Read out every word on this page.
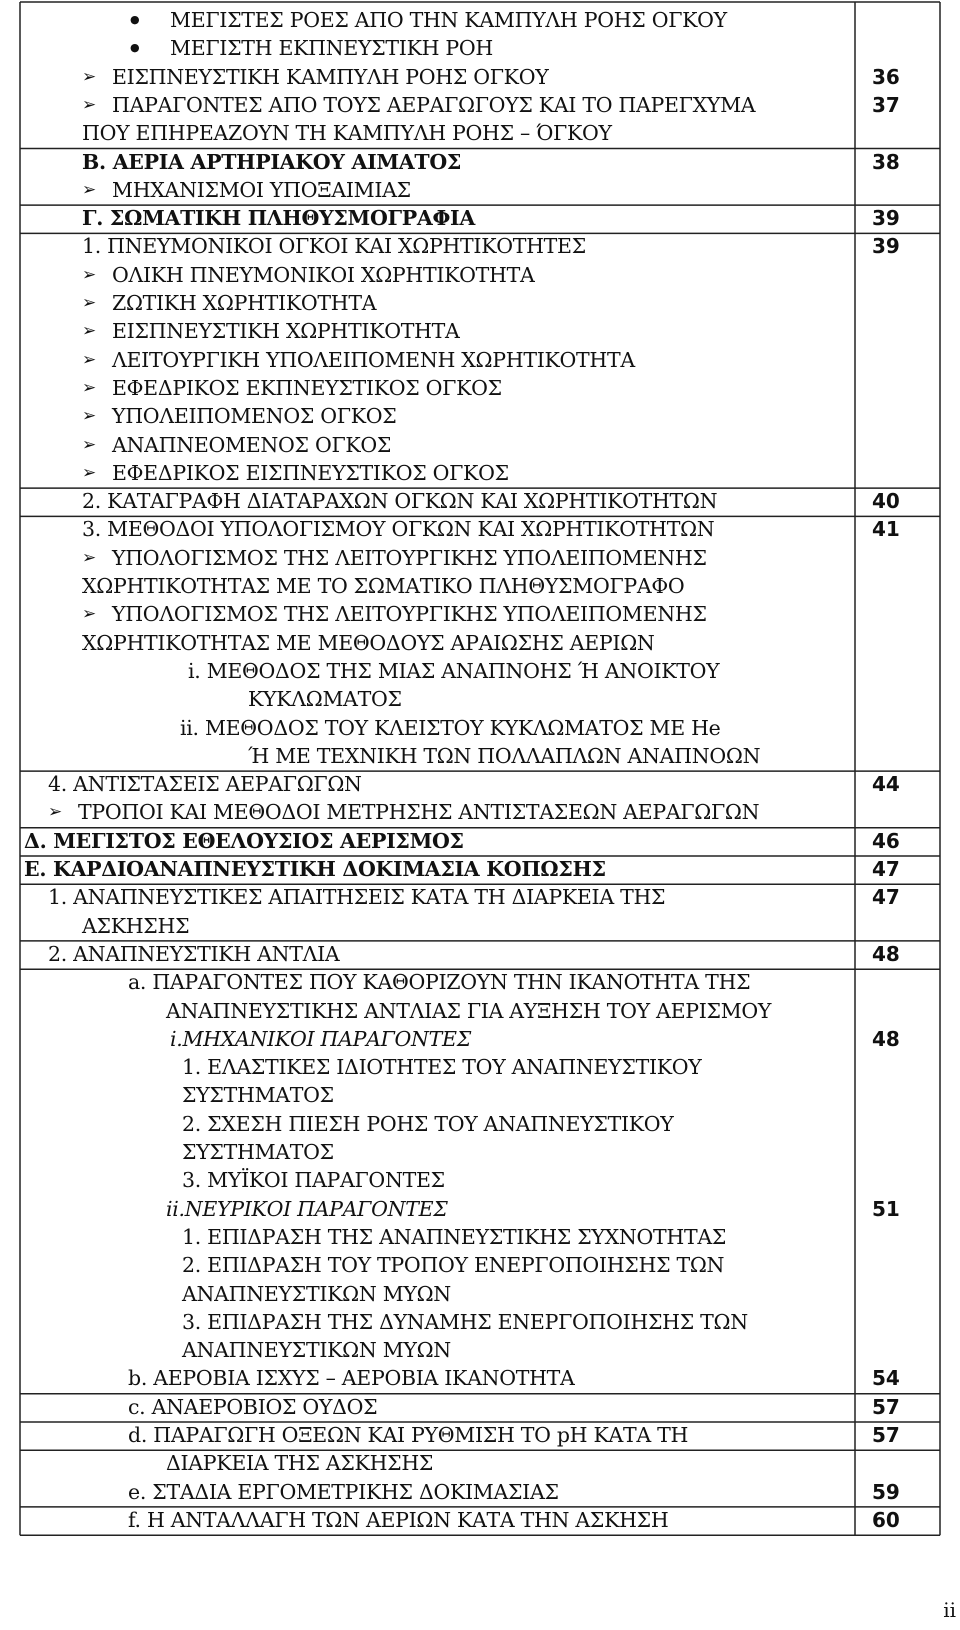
● ΜΕΓΙΣΤΕΣ ΡΟΕΣ ΑΠΟ ΤΗΝ ΚΑΜΠΥΛΗ ΡΟΗΣ ΟΓΚΟΥ
● ΜΕΓΙΣΤΗ ΕΚΠΝΕΥΣΤΙΚΗ ΡΟΗ
➢ ΕΙΣΠΝΕΥΣΤΙΚΗ ΚΑΜΠΥΛΗ ΡΟΗΣ ΟΓΚΟΥ	36
➢ ΠΑΡΑΓΟΝΤΕΣ ΑΠΟ ΤΟΥΣ ΑΕΡΑΓΩΓΟΥΣ ΚΑΙ ΤΟ ΠΑΡΕΓΧΥΜΑ	37
ΠΟΥ ΕΠΗΡΕΑΖΟΥΝ ΤΗ ΚΑΜΠΥΛΗ ΡΟΗΣ – ΌΓΚΟΥ
Β. ΑΕΡΙΑ ΑΡΤΗΡΙΑΚΟΥ ΑΙΜΑΤΟΣ	38
➢ ΜΗΧΑΝΙΣΜΟΙ ΥΠΟΞΑΙΜΙΑΣ
Γ. ΣΩΜΑΤΙΚΗ ΠΛΗΘΥΣΜΟΓΡΑΦΙΑ	39
1. ΠΝΕΥΜΟΝΙΚΟΙ ΟΓΚΟΙ ΚΑΙ ΧΩΡΗΤΙΚΟΤΗΤΕΣ	39
➢ ΟΛΙΚΗ ΠΝΕΥΜΟΝΙΚΟΙ ΧΩΡΗΤΙΚΟΤΗΤΑ
➢ ΖΩΤΙΚΗ ΧΩΡΗΤΙΚΟΤΗΤΑ
➢ ΕΙΣΠΝΕΥΣΤΙΚΗ ΧΩΡΗΤΙΚΟΤΗΤΑ
➢ ΛΕΙΤΟΥΡΓΙΚΗ ΥΠΟΛΕΙΠΟΜΕΝΗ ΧΩΡΗΤΙΚΟΤΗΤΑ
➢ ΕΦΕΔΡΙΚΟΣ ΕΚΠΝΕΥΣΤΙΚΟΣ ΟΓΚΟΣ
➢ ΥΠΟΛΕΙΠΟΜΕΝΟΣ ΟΓΚΟΣ
➢ ΑΝΑΠΝΕΟΜΕΝΟΣ ΟΓΚΟΣ
➢ ΕΦΕΔΡΙΚΟΣ ΕΙΣΠΝΕΥΣΤΙΚΟΣ ΟΓΚΟΣ
2. ΚΑΤΑΓΡΑΦΗ ΔΙΑΤΑΡΑΧΩΝ ΟΓΚΩΝ ΚΑΙ ΧΩΡΗΤΙΚΟΤΗΤΩΝ	40
3. ΜΕΘΟΔΟΙ ΥΠΟΛΟΓΙΣΜΟΥ ΟΓΚΩΝ ΚΑΙ ΧΩΡΗΤΙΚΟΤΗΤΩΝ	41
➢ ΥΠΟΛΟΓΙΣΜΟΣ ΤΗΣ ΛΕΙΤΟΥΡΓΙΚΗΣ ΥΠΟΛΕΙΠΟΜΕΝΗΣ
ΧΩΡΗΤΙΚΟΤΗΤΑΣ ΜΕ ΤΟ ΣΩΜΑΤΙΚΟ ΠΛΗΘΥΣΜΟΓΡΑΦΟ
➢ ΥΠΟΛΟΓΙΣΜΟΣ ΤΗΣ ΛΕΙΤΟΥΡΓΙΚΗΣ ΥΠΟΛΕΙΠΟΜΕΝΗΣ
ΧΩΡΗΤΙΚΟΤΗΤΑΣ ΜΕ ΜΕΘΟΔΟΥΣ ΑΡΑΙΩΣΗΣ ΑΕΡΙΩΝ
i. ΜΕΘΟΔΟΣ ΤΗΣ ΜΙΑΣ ΑΝΑΠΝΟΗΣ Ή ΑΝΟΙΚΤΟΥ
ΚΥΚΛΩΜΑΤΟΣ
ii. ΜΕΘΟΔΟΣ ΤΟΥ ΚΛΕΙΣΤΟΥ ΚΥΚΛΩΜΑΤΟΣ ΜΕ He
Ή ΜΕ ΤΕΧΝΙΚΗ ΤΩΝ ΠΟΛΛΑΠΛΩΝ ΑΝΑΠΝΟΩΝ
4. ΑΝΤΙΣΤΑΣΕΙΣ ΑΕΡΑΓΩΓΩΝ	44
➢ ΤΡΟΠΟΙ ΚΑΙ ΜΕΘΟΔΟΙ ΜΕΤΡΗΣΗΣ ΑΝΤΙΣΤΑΣΕΩΝ ΑΕΡΑΓΩΓΩΝ
Δ. ΜΕΓΙΣΤΟΣ ΕΘΕΛΟΥΣΙΟΣ ΑΕΡΙΣΜΟΣ	46
Ε. ΚΑΡΔΙΟΑΝΑΠΝΕΥΣΤΙΚΗ ΔΟΚΙΜΑΣΙΑ ΚΟΠΩΣΗΣ	47
1. ΑΝΑΠΝΕΥΣΤΙΚΕΣ ΑΠΑΙΤΗΣΕΙΣ ΚΑΤΑ ΤΗ ΔΙΑΡΚΕΙΑ ΤΗΣ	47
ΑΣΚΗΣΗΣ
2. ΑΝΑΠΝΕΥΣΤΙΚΗ ΑΝΤΛΙΑ	48
a. ΠΑΡΑΓΟΝΤΕΣ ΠΟΥ ΚΑΘΟΡΙΖΟΥΝ ΤΗΝ ΙΚΑΝΟΤΗΤΑ ΤΗΣ
ΑΝΑΠΝΕΥΣΤΙΚΗΣ ΑΝΤΛΙΑΣ ΓΙΑ ΑΥΞΗΣΗ ΤΟΥ ΑΕΡΙΣΜΟΥ
i.ΜΗΧΑΝΙΚΟΙ ΠΑΡΑΓΟΝΤΕΣ	48
1. ΕΛΑΣΤΙΚΕΣ ΙΔΙΟΤΗΤΕΣ ΤΟΥ ΑΝΑΠΝΕΥΣΤΙΚΟΥ
ΣΥΣΤΗΜΑΤΟΣ
2. ΣΧΕΣΗ ΠΙΕΣΗ ΡΟΗΣ ΤΟΥ ΑΝΑΠΝΕΥΣΤΙΚΟΥ
ΣΥΣΤΗΜΑΤΟΣ
3. ΜΥΪΚΟΙ ΠΑΡΑΓΟΝΤΕΣ
ii.ΝΕΥΡΙΚΟΙ ΠΑΡΑΓΟΝΤΕΣ	51
1. ΕΠΙΔΡΑΣΗ ΤΗΣ ΑΝΑΠΝΕΥΣΤΙΚΗΣ ΣΥΧΝΟΤΗΤΑΣ
2. ΕΠΙΔΡΑΣΗ ΤΟΥ ΤΡΟΠΟΥ ΕΝΕΡΓΟΠΟΙΗΣΗΣ ΤΩΝ
ΑΝΑΠΝΕΥΣΤΙΚΩΝ ΜΥΩΝ
3. ΕΠΙΔΡΑΣΗ ΤΗΣ ΔΥΝΑΜΗΣ ΕΝΕΡΓΟΠΟΙΗΣΗΣ ΤΩΝ
ΑΝΑΠΝΕΥΣΤΙΚΩΝ ΜΥΩΝ
b. ΑΕΡΟΒΙΑ ΙΣΧΥΣ – ΑΕΡΟΒΙΑ ΙΚΑΝΟΤΗΤΑ	54
c. ΑΝΑΕΡΟΒΙΟΣ ΟΥΔΟΣ	57
d. ΠΑΡΑΓΩΓΗ ΟΞΕΩΝ ΚΑΙ ΡΥΘΜΙΣΗ ΤΟ pH ΚΑΤΑ ΤΗ	57
ΔΙΑΡΚΕΙΑ ΤΗΣ ΑΣΚΗΣΗΣ
e. ΣΤΑΔΙΑ ΕΡΓΟΜΕΤΡΙΚΗΣ ΔΟΚΙΜΑΣΙΑΣ	59
f. Η ΑΝΤΑΛΛΑΓΗ ΤΩΝ ΑΕΡΙΩΝ ΚΑΤΑ ΤΗΝ ΑΣΚΗΣΗ	60
ii
